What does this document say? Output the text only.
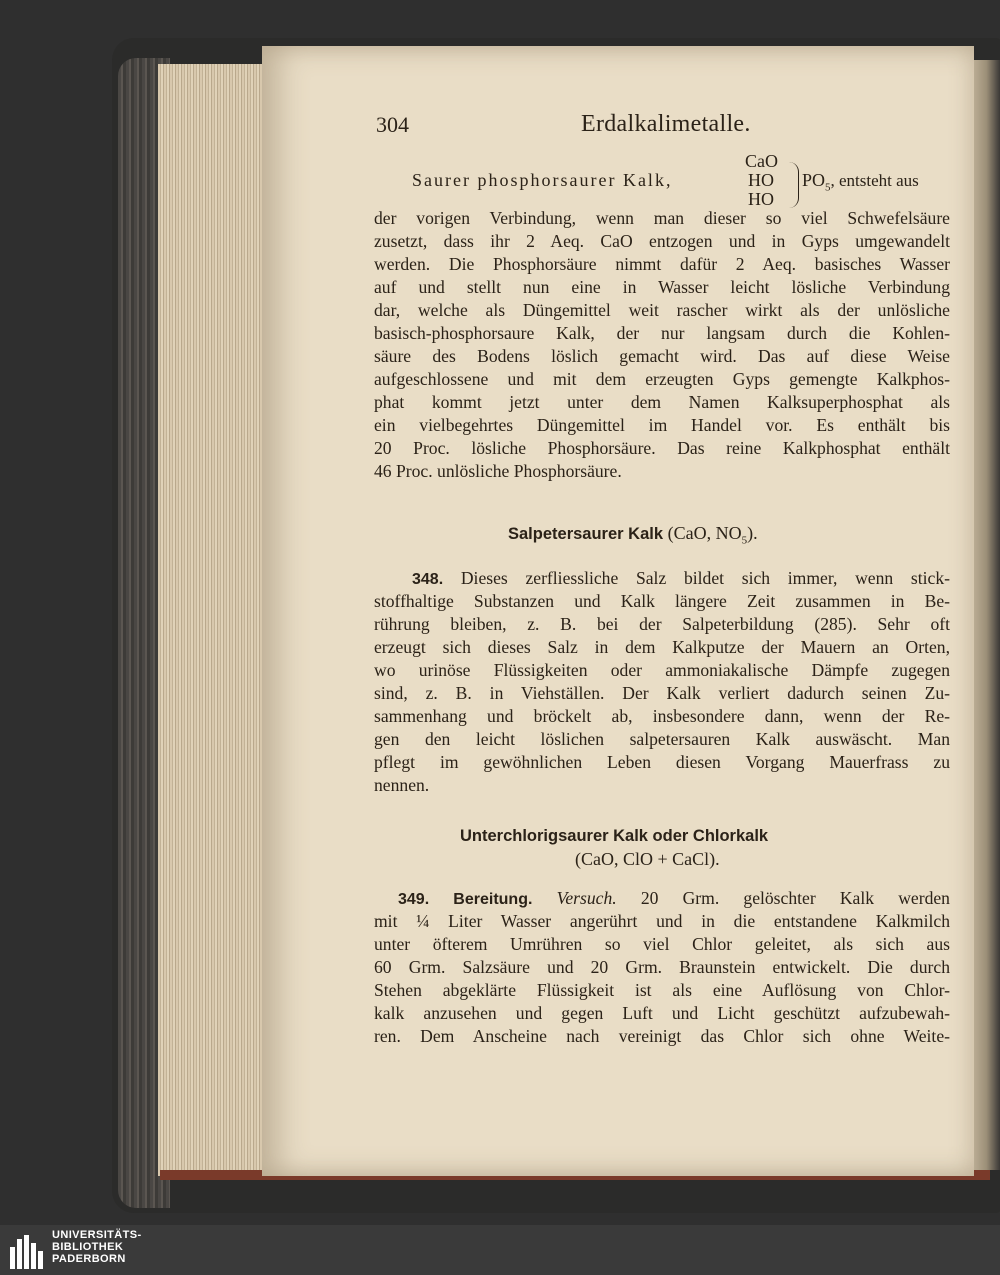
304	Erdalkalimetalle.
CaO
Saurer phosphorsaurer Kalk,	HO
HO
$PO_5$, entsteht aus
der vorigen Verbindung, wenn man dieser so viel Schwefelsäure
zusetzt, dass ihr 2 Aeq. CaO entzogen und in Gyps umgewandelt
werden. Die Phosphorsäure nimmt dafür 2 Aeq. basisches Wasser
auf und stellt nun eine in Wasser leicht lösliche Verbindung
dar, welche als Düngemittel weit rascher wirkt als der unlösliche
basisch-phosphorsaure Kalk, der nur langsam durch die Kohlen-
säure des Bodens löslich gemacht wird. Das auf diese Weise
aufgeschlossene und mit dem erzeugten Gyps gemengte Kalkphos-
phat kommt jetzt unter dem Namen Kalksuperphosphat als
ein vielbegehrtes Düngemittel im Handel vor. Es enthält bis
20 Proc. lösliche Phosphorsäure. Das reine Kalkphosphat enthält
46 Proc. unlösliche Phosphorsäure.
Salpetersaurer Kalk (CaO, $NO_5$).
348. Dieses zerfliessliche Salz bildet sich immer, wenn stick-
stoffhaltige Substanzen und Kalk längere Zeit zusammen in Be-
rührung bleiben, z. B. bei der Salpeterbildung (285). Sehr oft
erzeugt sich dieses Salz in dem Kalkputze der Mauern an Orten,
wo urinöse Flüssigkeiten oder ammoniakalische Dämpfe zugegen
sind, z. B. in Viehställen. Der Kalk verliert dadurch seinen Zu-
sammenhang und bröckelt ab, insbesondere dann, wenn der Re-
gen den leicht löslichen salpetersauren Kalk auswäscht. Man
pflegt im gewöhnlichen Leben diesen Vorgang Mauerfrass zu
nennen.
Unterchlorigsaurer Kalk oder Chlorkalk
(CaO, ClO + CaCl).
349. Bereitung. Versuch. 20 Grm. gelöschter Kalk werden
mit ¼ Liter Wasser angerührt und in die entstandene Kalkmilch
unter öfterem Umrühren so viel Chlor geleitet, als sich aus
60 Grm. Salzsäure und 20 Grm. Braunstein entwickelt. Die durch
Stehen abgeklärte Flüssigkeit ist als eine Auflösung von Chlor-
kalk anzusehen und gegen Luft und Licht geschützt aufzubewah-
ren. Dem Anscheine nach vereinigt das Chlor sich ohne Weite-
UNIVERSITÄTS-
BIBLIOTHEK
PADERBORN
